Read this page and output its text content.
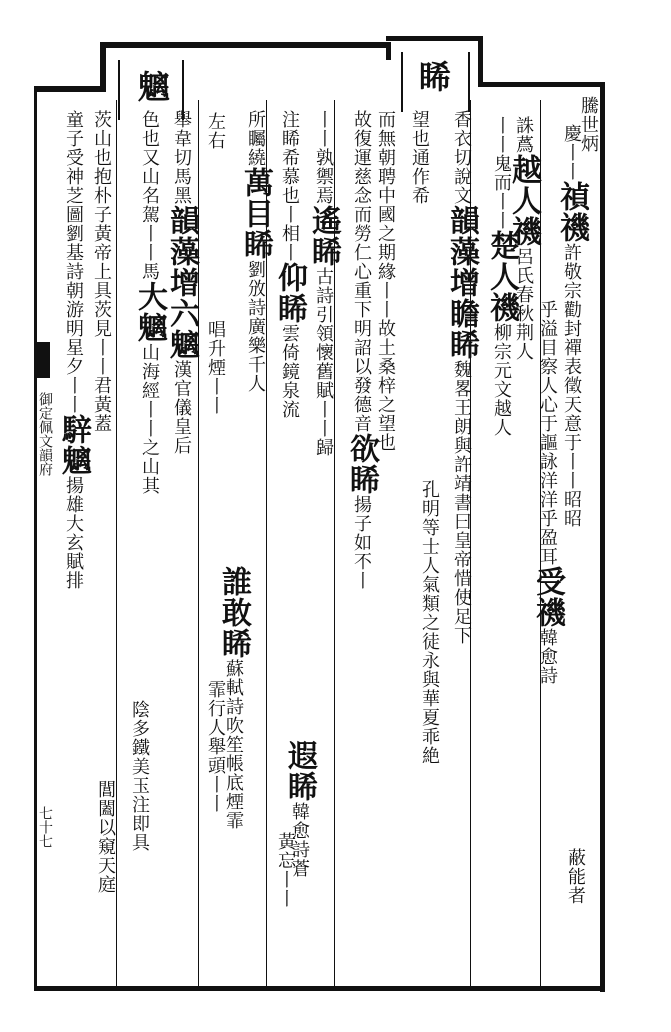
睎
魑
御定佩文韻府
七十七
騰世炳
慶丨丨禎禨許敬宗勸封禪表徵天意于丨丨昭昭
乎溢目察人心于謳詠洋洋乎盈耳受禨韓愈詩
誅蔿越人禨呂氏春秋荆人
丨丨鬼而丨丨楚人禨柳宗元文越人
蔽能者
香衣切說文韻藻增瞻睎魏畧王朗與許靖書曰皇帝惜使足下
望也通作希
孔明等士人氣類之徒永與華夏乖絶
而無朝聘中國之期緣丨丨故土桑梓之望也
故復運慈念而勞仁心重下明詔以發德音欲睎揚子如不丨
丨丨孰禦焉遙睎古詩引領懷舊賦丨丨歸
注睎希慕也丨相丨仰睎雲倚鏡泉流
遐睎韓愈詩蒼
所矚繞萬目睎劉攽詩廣樂千人
黃忘丨丨
左右
唱升煙丨丨
誰敢睎蘇軾詩吹笙帳底煙霏
霏行人舉頭丨丨
舉韋切馬黑韻藻增六魑漢官儀皇后
色也又山名駕丨丨馬大魑山海經丨丨之山其
陰多鐵美玉注即具
茨山也抱朴子黃帝上具茨見丨丨君黃蓋
童子受神芝圖劉基詩朝游明星夕丨丨騂魑揚雄大玄賦排
閶闔以窺天庭
